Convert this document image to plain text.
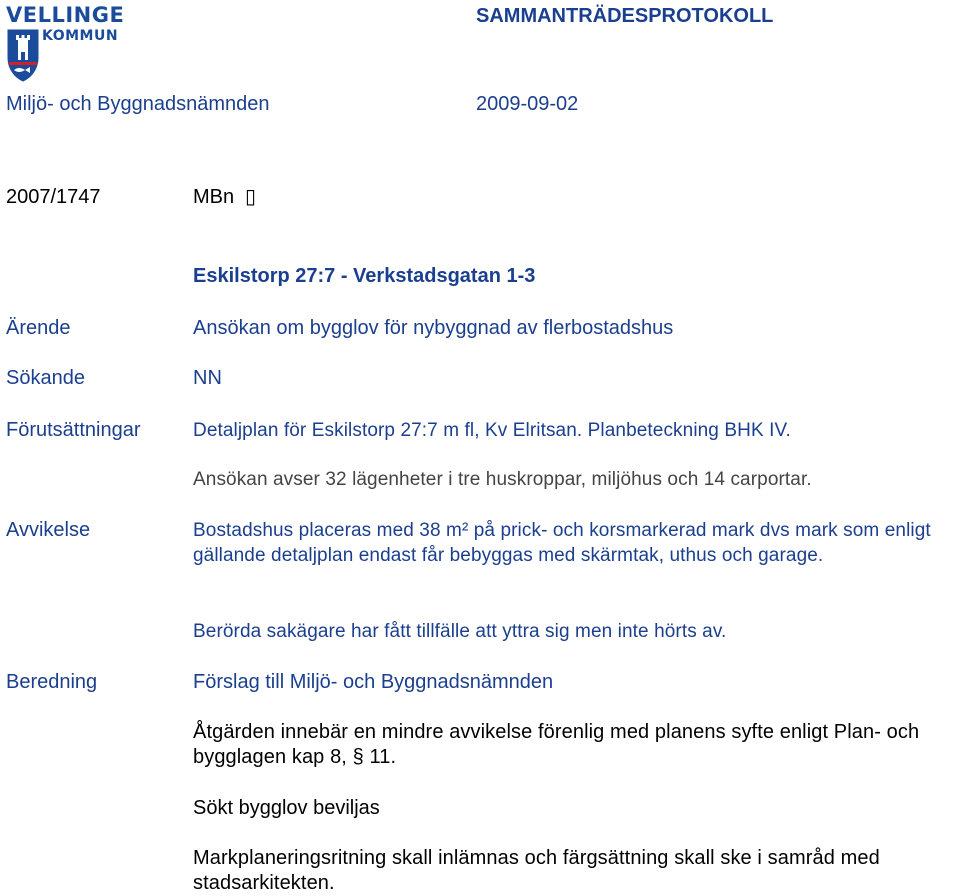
VELLINGE
KOMMUN
SAMMANTRÄDESPROTOKOLL
Miljö- och Byggnadsnämnden	2009-09-02
2007/1747	MBn ▯
Eskilstorp 27:7 - Verkstadsgatan 1-3
Ärende	Ansökan om bygglov för nybyggnad av flerbostadshus
Sökande	NN
Förutsättningar	Detaljplan för Eskilstorp 27:7 m fl, Kv Elritsan. Planbeteckning BHK IV.
Ansökan avser 32 lägenheter i tre huskroppar, miljöhus och 14 carportar.
Avvikelse	Bostadshus placeras med 38 m² på prick- och korsmarkerad mark dvs mark som enligt gällande detaljplan endast får bebyggas med skärmtak, uthus och garage.
Berörda sakägare har fått tillfälle att yttra sig men inte hörts av.
Beredning	Förslag till Miljö- och Byggnadsnämnden
Åtgärden innebär en mindre avvikelse förenlig med planens syfte enligt Plan- och bygglagen kap 8, § 11.
Sökt bygglov beviljas
Markplaneringsritning skall inlämnas och färgsättning skall ske i samråd med stadsarkitekten.
